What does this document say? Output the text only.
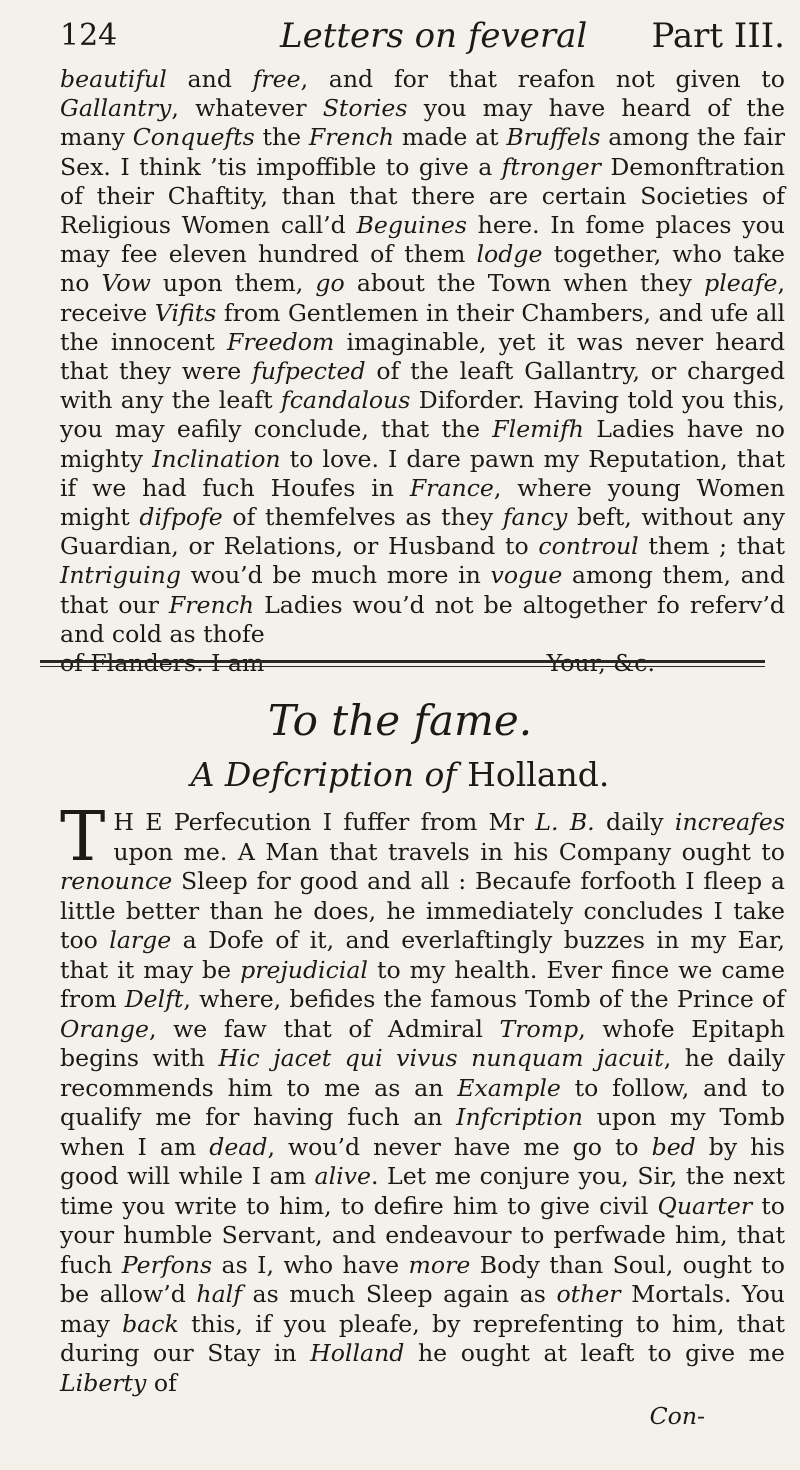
124	Letters on feveral Part III.

beautiful and free, and for that reafon not given to Gallantry, whatever Stories you may have heard of the many Conquefts the French made at Bruffels among the fair Sex. I think ’tis impoffible to give a ftronger Demonftration of their Chaftity, than that there are certain Societies of Religious Women call’d Beguines here. In fome places you may fee eleven hundred of them lodge together, who take no Vow upon them, go about the Town when they pleafe, receive Vifits from Gentlemen in their Chambers, and ufe all the innocent Freedom imaginable, yet it was never heard that they were fufpected of the leaft Gallantry, or charged with any the leaft fcandalous Diforder. Having told you this, you may eafily conclude, that the Flemifh Ladies have no mighty Inclination to love. I dare pawn my Reputation, that if we had fuch Houfes in France, where young Women might difpofe of themfelves as they fancy beft, without any Guardian, or Relations, or Husband to controul them ; that Intriguing wou’d be much more in vogue among them, and that our French Ladies wou’d not be altogether fo referv’d and cold as thofe

of Flanders. I am	Your, &c.
To the fame.
A Defcription of Holland.
T H E Perfecution I fuffer from Mr L. B. daily increafes upon me. A Man that travels in his Company ought to renounce Sleep for good and all : Becaufe forfooth I fleep a little better than he does, he immediately concludes I take too large a Dofe of it, and everlaftingly buzzes in my Ear, that it may be prejudicial to my health. Ever fince we came from Delft, where, befides the famous Tomb of the Prince of Orange, we faw that of Admiral Tromp, whofe Epitaph begins with Hic jacet qui vivus nunquam jacuit, he daily recommends him to me as an Example to follow, and to qualify me for having fuch an Infcription upon my Tomb when I am dead, wou’d never have me go to bed by his good will while I am alive. Let me conjure you, Sir, the next time you write to him, to defire him to give civil Quarter to your humble Servant, and endeavour to perfwade him, that fuch Perfons as I, who have more Body than Soul, ought to be allow’d half as much Sleep again as other Mortals. You may back this, if you pleafe, by reprefenting to him, that during our Stay in Holland he ought at leaft to give me Liberty of
Con-
